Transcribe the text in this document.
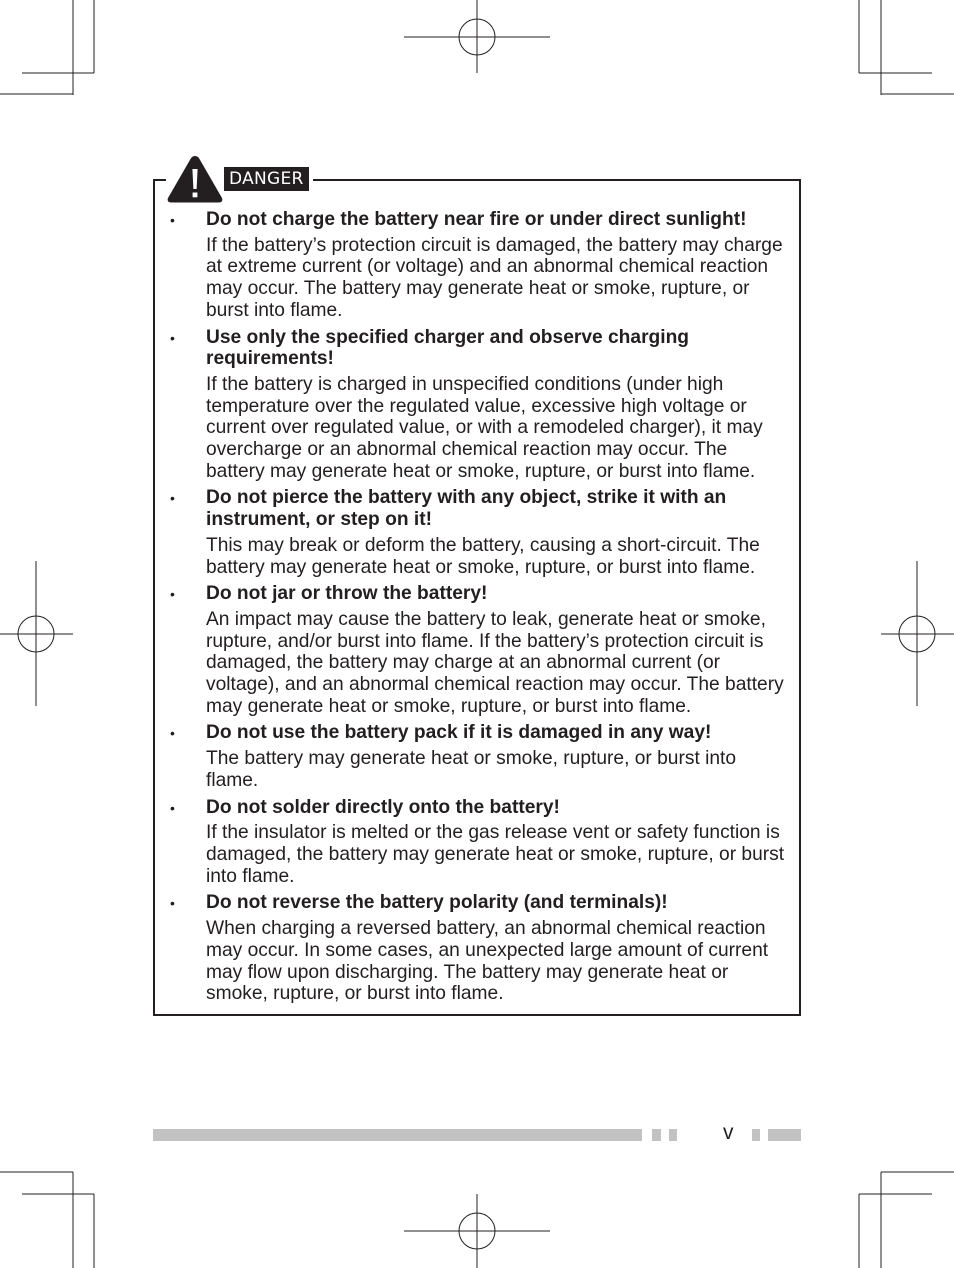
DANGER
• Do not charge the battery near fire or under direct sunlight!
If the battery’s protection circuit is damaged, the battery may charge at extreme current (or voltage) and an abnormal chemical reaction may occur. The battery may generate heat or smoke, rupture, or burst into flame.
• Use only the specified charger and observe charging requirements!
If the battery is charged in unspecified conditions (under high temperature over the regulated value, excessive high voltage or current over regulated value, or with a remodeled charger), it may overcharge or an abnormal chemical reaction may occur. The battery may generate heat or smoke, rupture, or burst into flame.
• Do not pierce the battery with any object, strike it with an instrument, or step on it!
This may break or deform the battery, causing a short-circuit. The battery may generate heat or smoke, rupture, or burst into flame.
• Do not jar or throw the battery!
An impact may cause the battery to leak, generate heat or smoke, rupture, and/or burst into flame. If the battery’s protection circuit is damaged, the battery may charge at an abnormal current (or voltage), and an abnormal chemical reaction may occur. The battery may generate heat or smoke, rupture, or burst into flame.
• Do not use the battery pack if it is damaged in any way!
The battery may generate heat or smoke, rupture, or burst into flame.
• Do not solder directly onto the battery!
If the insulator is melted or the gas release vent or safety function is damaged, the battery may generate heat or smoke, rupture, or burst into flame.
• Do not reverse the battery polarity (and terminals)!
When charging a reversed battery, an abnormal chemical reaction may occur. In some cases, an unexpected large amount of current may flow upon discharging. The battery may generate heat or smoke, rupture, or burst into flame.
v
